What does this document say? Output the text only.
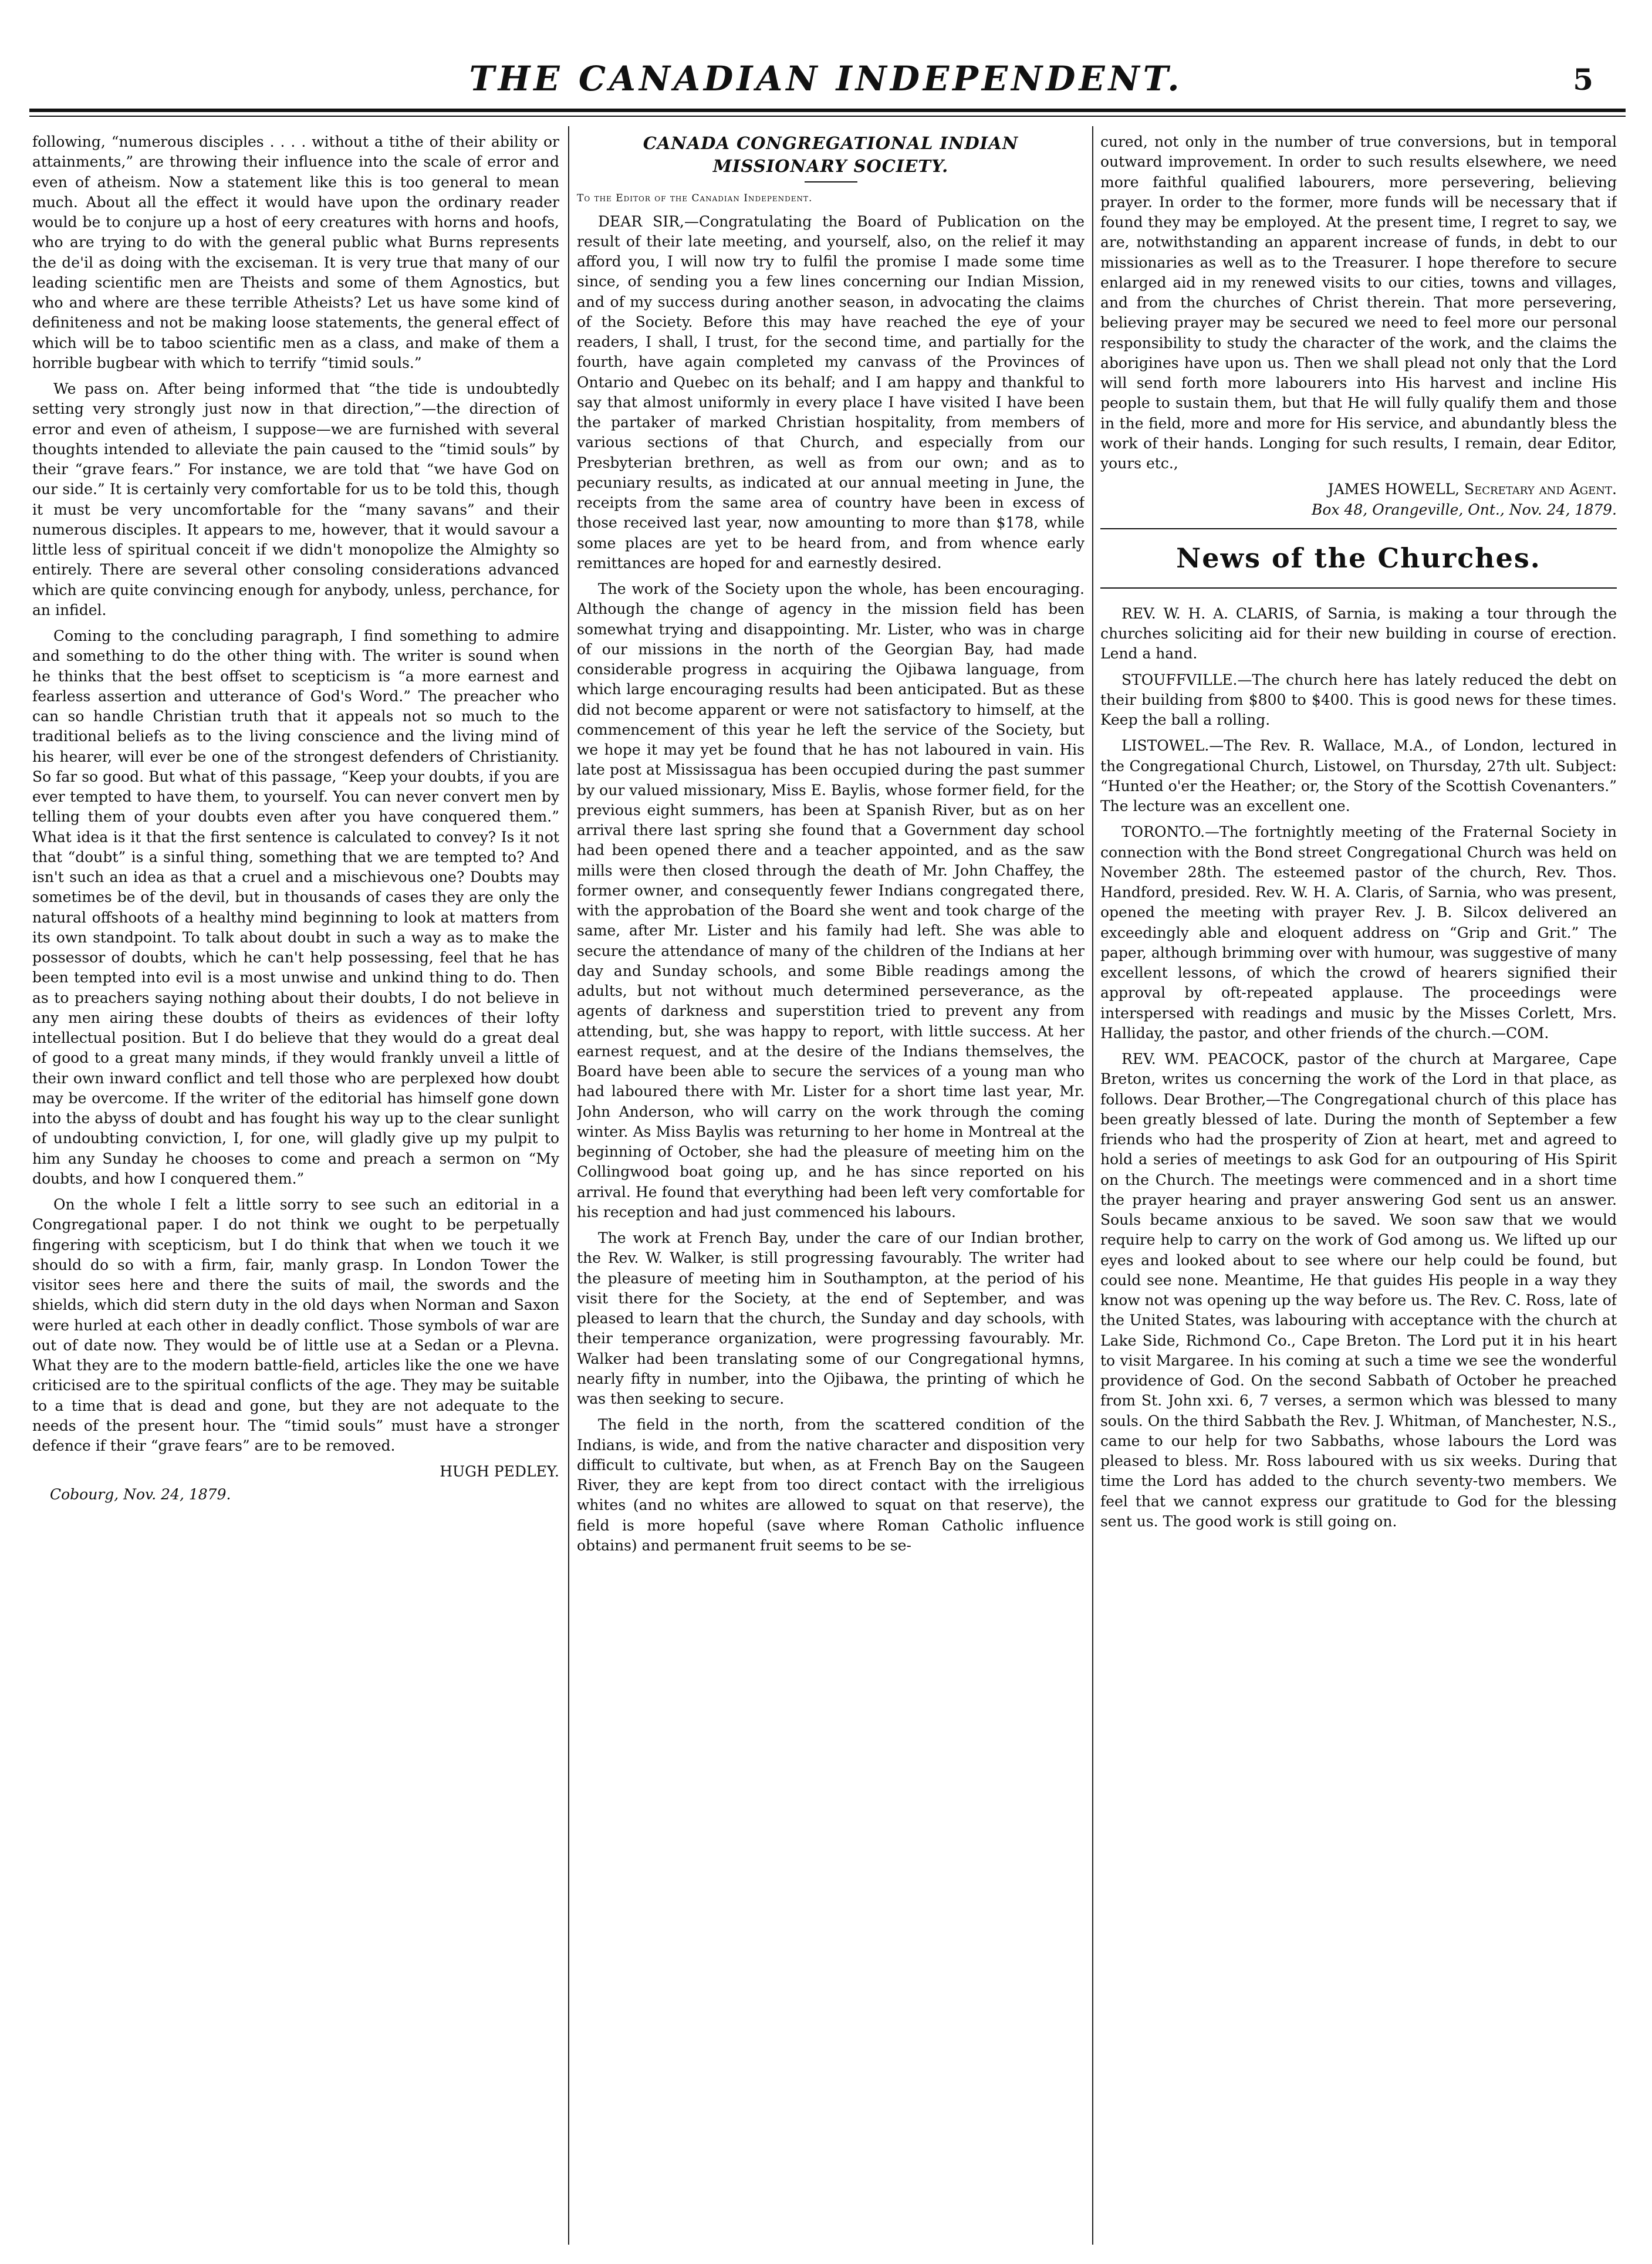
THE CANADIAN INDEPENDENT.	5

following, “numerous disciples . . . . without a tithe of their ability or attainments,” are throwing their influence into the scale of error and even of atheism. Now a statement like this is too general to mean much. About all the effect it would have upon the ordinary reader would be to conjure up a host of eery creatures with horns and hoofs, who are trying to do with the general public what Burns represents the de'il as doing with the exciseman. It is very true that many of our leading scientific men are Theists and some of them Agnostics, but who and where are these terrible Atheists? Let us have some kind of definiteness and not be making loose statements, the general effect of which will be to taboo scientific men as a class, and make of them a horrible bugbear with which to terrify “timid souls.”

We pass on. After being informed that “the tide is undoubtedly setting very strongly just now in that direction,”—the direction of error and even of atheism, I suppose—we are furnished with several thoughts intended to alleviate the pain caused to the “timid souls” by their “grave fears.” For instance, we are told that “we have God on our side.” It is certainly very comfortable for us to be told this, though it must be very uncomfortable for the “many savans” and their numerous disciples. It appears to me, however, that it would savour a little less of spiritual conceit if we didn't monopolize the Almighty so entirely. There are several other consoling considerations advanced which are quite convincing enough for anybody, unless, perchance, for an infidel.

Coming to the concluding paragraph, I find something to admire and something to do the other thing with. The writer is sound when he thinks that the best offset to scepticism is “a more earnest and fearless assertion and utterance of God's Word.” The preacher who can so handle Christian truth that it appeals not so much to the traditional beliefs as to the living conscience and the living mind of his hearer, will ever be one of the strongest defenders of Christianity. So far so good. But what of this passage, “Keep your doubts, if you are ever tempted to have them, to yourself. You can never convert men by telling them of your doubts even after you have conquered them.” What idea is it that the first sentence is calculated to convey? Is it not that “doubt” is a sinful thing, something that we are tempted to? And isn't such an idea as that a cruel and a mischievous one? Doubts may sometimes be of the devil, but in thousands of cases they are only the natural offshoots of a healthy mind beginning to look at matters from its own standpoint. To talk about doubt in such a way as to make the possessor of doubts, which he can't help possessing, feel that he has been tempted into evil is a most unwise and unkind thing to do. Then as to preachers saying nothing about their doubts, I do not believe in any men airing these doubts of theirs as evidences of their lofty intellectual position. But I do believe that they would do a great deal of good to a great many minds, if they would frankly unveil a little of their own inward conflict and tell those who are perplexed how doubt may be overcome. If the writer of the editorial has himself gone down into the abyss of doubt and has fought his way up to the clear sunlight of undoubting conviction, I, for one, will gladly give up my pulpit to him any Sunday he chooses to come and preach a sermon on “My doubts, and how I conquered them.”

On the whole I felt a little sorry to see such an editorial in a Congregational paper. I do not think we ought to be perpetually fingering with scepticism, but I do think that when we touch it we should do so with a firm, fair, manly grasp. In London Tower the visitor sees here and there the suits of mail, the swords and the shields, which did stern duty in the old days when Norman and Saxon were hurled at each other in deadly conflict. Those symbols of war are out of date now. They would be of little use at a Sedan or a Plevna. What they are to the modern battle-field, articles like the one we have criticised are to the spiritual conflicts of the age. They may be suitable to a time that is dead and gone, but they are not adequate to the needs of the present hour. The “timid souls” must have a stronger defence if their “grave fears” are to be removed.

HUGH PEDLEY.
Cobourg, Nov. 24, 1879.
CANADA CONGREGATIONAL INDIAN MISSIONARY SOCIETY.
To the Editor of the Canadian Independent.

DEAR SIR,—Congratulating the Board of Publication on the result of their late meeting, and yourself, also, on the relief it may afford you, I will now try to fulfil the promise I made some time since, of sending you a few lines concerning our Indian Mission, and of my success during another season, in advocating the claims of the Society. Before this may have reached the eye of your readers, I shall, I trust, for the second time, and partially for the fourth, have again completed my canvass of the Provinces of Ontario and Quebec on its behalf; and I am happy and thankful to say that almost uniformly in every place I have visited I have been the partaker of marked Christian hospitality, from members of various sections of that Church, and especially from our Presbyterian brethren, as well as from our own; and as to pecuniary results, as indicated at our annual meeting in June, the receipts from the same area of country have been in excess of those received last year, now amounting to more than $178, while some places are yet to be heard from, and from whence early remittances are hoped for and earnestly desired.

The work of the Society upon the whole, has been encouraging. Although the change of agency in the mission field has been somewhat trying and disappointing. Mr. Lister, who was in charge of our missions in the north of the Georgian Bay, had made considerable progress in acquiring the Ojibawa language, from which large encouraging results had been anticipated. But as these did not become apparent or were not satisfactory to himself, at the commencement of this year he left the service of the Society, but we hope it may yet be found that he has not laboured in vain. His late post at Mississagua has been occupied during the past summer by our valued missionary, Miss E. Baylis, whose former field, for the previous eight summers, has been at Spanish River, but as on her arrival there last spring she found that a Government day school had been opened there and a teacher appointed, and as the saw mills were then closed through the death of Mr. John Chaffey, the former owner, and consequently fewer Indians congregated there, with the approbation of the Board she went and took charge of the same, after Mr. Lister and his family had left. She was able to secure the attendance of many of the children of the Indians at her day and Sunday schools, and some Bible readings among the adults, but not without much determined perseverance, as the agents of darkness and superstition tried to prevent any from attending, but, she was happy to report, with little success. At her earnest request, and at the desire of the Indians themselves, the Board have been able to secure the services of a young man who had laboured there with Mr. Lister for a short time last year, Mr. John Anderson, who will carry on the work through the coming winter. As Miss Baylis was returning to her home in Montreal at the beginning of October, she had the pleasure of meeting him on the Collingwood boat going up, and he has since reported on his arrival. He found that everything had been left very comfortable for his reception and had just commenced his labours.

The work at French Bay, under the care of our Indian brother, the Rev. W. Walker, is still progressing favourably. The writer had the pleasure of meeting him in Southampton, at the period of his visit there for the Society, at the end of September, and was pleased to learn that the church, the Sunday and day schools, with their temperance organization, were progressing favourably. Mr. Walker had been translating some of our Congregational hymns, nearly fifty in number, into the Ojibawa, the printing of which he was then seeking to secure.

The field in the north, from the scattered condition of the Indians, is wide, and from the native character and disposition very difficult to cultivate, but when, as at French Bay on the Saugeen River, they are kept from too direct contact with the irreligious whites (and no whites are allowed to squat on that reserve), the field is more hopeful (save where Roman Catholic influence obtains) and permanent fruit seems to be se-

cured, not only in the number of true conversions, but in temporal outward improvement. In order to such results elsewhere, we need more faithful qualified labourers, more persevering, believing prayer. In order to the former, more funds will be necessary that if found they may be employed. At the present time, I regret to say, we are, notwithstanding an apparent increase of funds, in debt to our missionaries as well as to the Treasurer. I hope therefore to secure enlarged aid in my renewed visits to our cities, towns and villages, and from the churches of Christ therein. That more persevering, believing prayer may be secured we need to feel more our personal responsibility to study the character of the work, and the claims the aborigines have upon us. Then we shall plead not only that the Lord will send forth more labourers into His harvest and incline His people to sustain them, but that He will fully qualify them and those in the field, more and more for His service, and abundantly bless the work of their hands. Longing for such results, I remain, dear Editor, yours etc.,

JAMES HOWELL, Secretary and Agent.
Box 48, Orangeville, Ont., Nov. 24, 1879.
News of the Churches.

REV. W. H. A. CLARIS, of Sarnia, is making a tour through the churches soliciting aid for their new building in course of erection. Lend a hand.

STOUFFVILLE.—The church here has lately reduced the debt on their building from $800 to $400. This is good news for these times. Keep the ball a rolling.

LISTOWEL.—The Rev. R. Wallace, M.A., of London, lectured in the Congregational Church, Listowel, on Thursday, 27th ult. Subject: “Hunted o'er the Heather; or, the Story of the Scottish Covenanters.” The lecture was an excellent one.

TORONTO.—The fortnightly meeting of the Fraternal Society in connection with the Bond street Congregational Church was held on November 28th. The esteemed pastor of the church, Rev. Thos. Handford, presided. Rev. W. H. A. Claris, of Sarnia, who was present, opened the meeting with prayer Rev. J. B. Silcox delivered an exceedingly able and eloquent address on “Grip and Grit.” The paper, although brimming over with humour, was suggestive of many excellent lessons, of which the crowd of hearers signified their approval by oft-repeated applause. The proceedings were interspersed with readings and music by the Misses Corlett, Mrs. Halliday, the pastor, and other friends of the church.—COM.

REV. WM. PEACOCK, pastor of the church at Margaree, Cape Breton, writes us concerning the work of the Lord in that place, as follows. Dear Brother,—The Congregational church of this place has been greatly blessed of late. During the month of September a few friends who had the prosperity of Zion at heart, met and agreed to hold a series of meetings to ask God for an outpouring of His Spirit on the Church. The meetings were commenced and in a short time the prayer hearing and prayer answering God sent us an answer. Souls became anxious to be saved. We soon saw that we would require help to carry on the work of God among us. We lifted up our eyes and looked about to see where our help could be found, but could see none. Meantime, He that guides His people in a way they know not was opening up the way before us. The Rev. C. Ross, late of the United States, was labouring with acceptance with the church at Lake Side, Richmond Co., Cape Breton. The Lord put it in his heart to visit Margaree. In his coming at such a time we see the wonderful providence of God. On the second Sabbath of October he preached from St. John xxi. 6, 7 verses, a sermon which was blessed to many souls. On the third Sabbath the Rev. J. Whitman, of Manchester, N.S., came to our help for two Sabbaths, whose labours the Lord was pleased to bless. Mr. Ross laboured with us six weeks. During that time the Lord has added to the church seventy-two members. We feel that we cannot express our gratitude to God for the blessing sent us. The good work is still going on.
